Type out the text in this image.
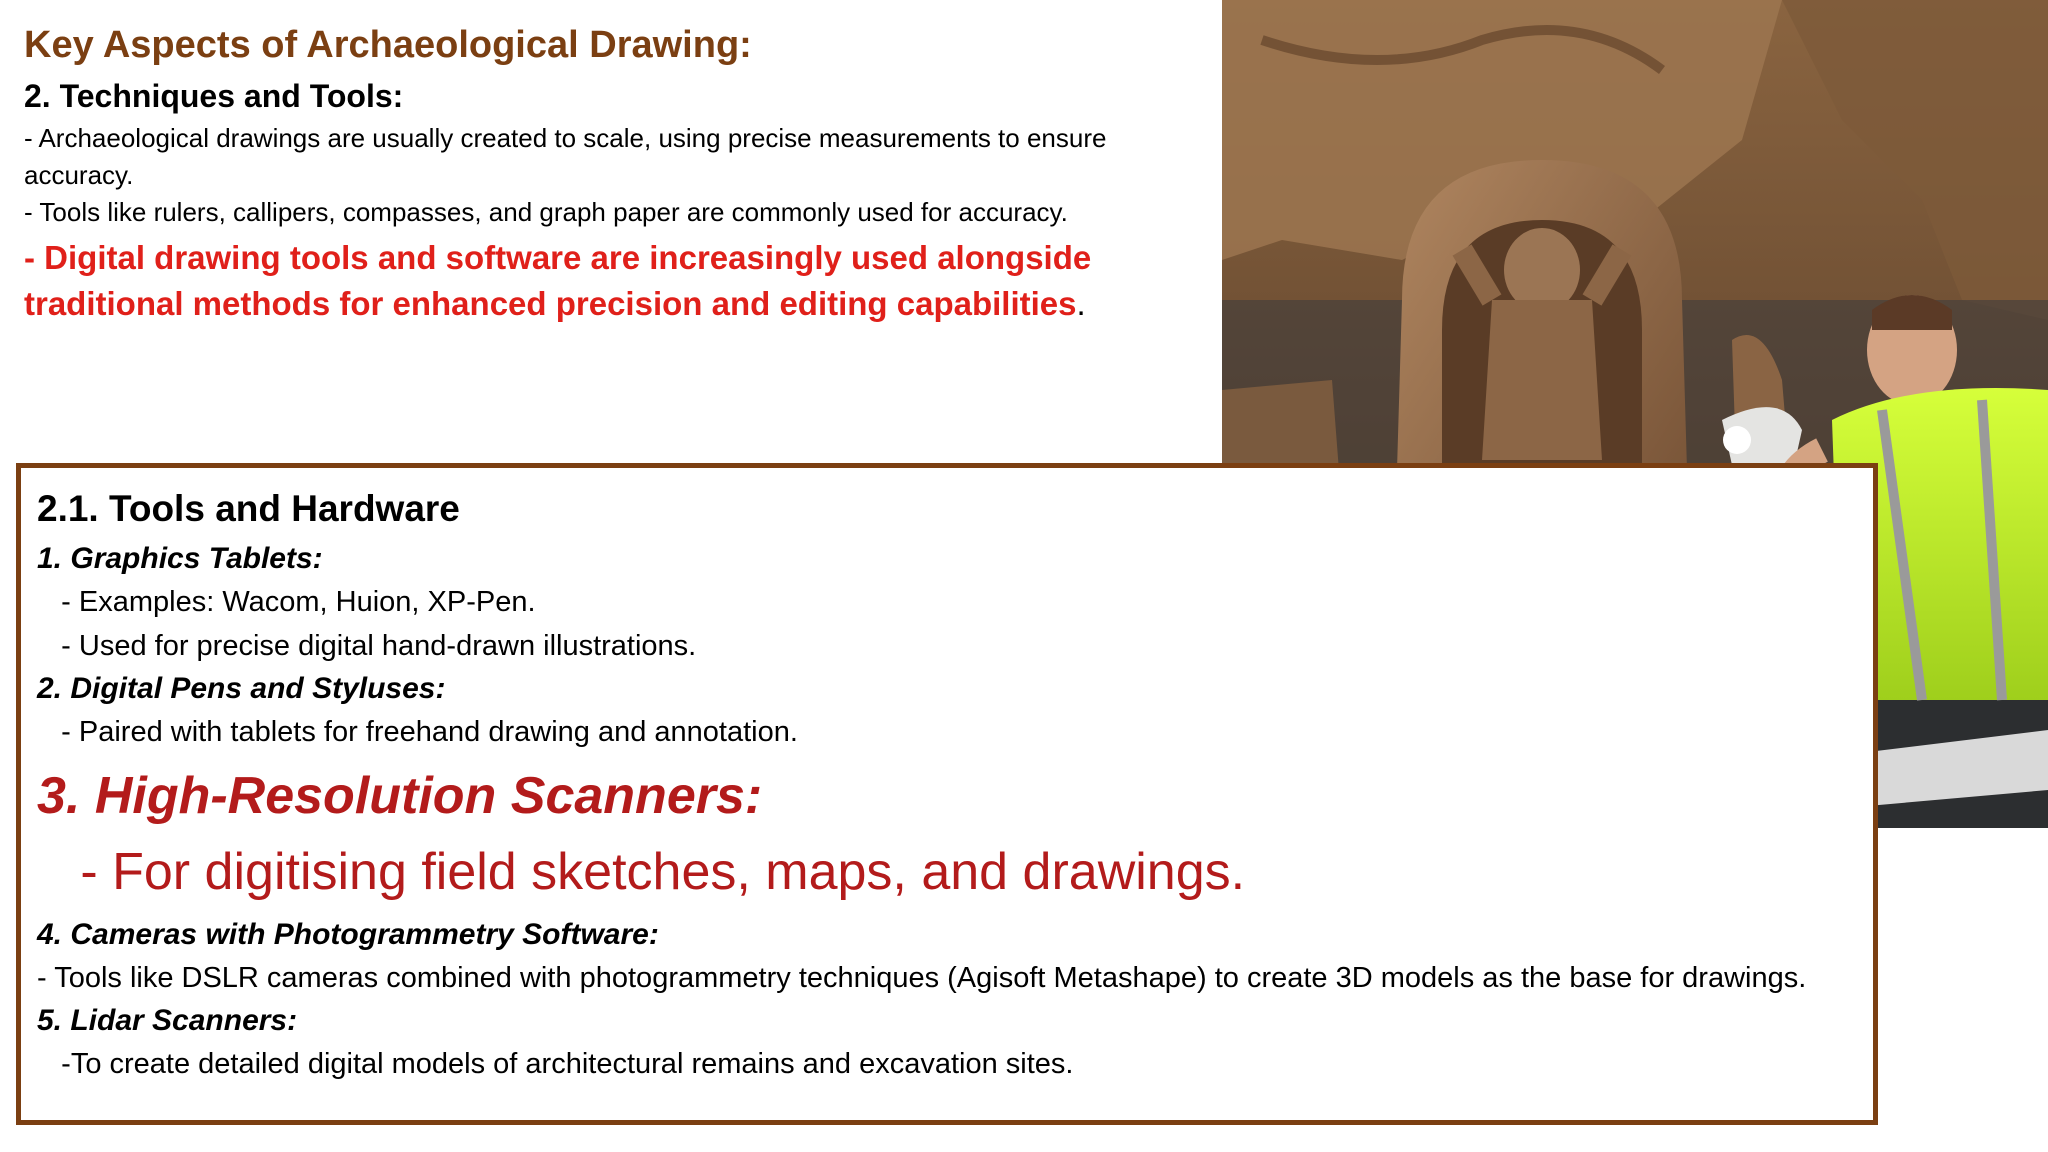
Key Aspects of Archaeological Drawing:
2. Techniques and Tools:

- Archaeological drawings are usually created to scale, using precise measurements to ensure accuracy.

- Tools like rulers, callipers, compasses, and graph paper are commonly used for accuracy.

- Digital drawing tools and software are increasingly used alongside traditional methods for enhanced precision and editing capabilities.

2.1. Tools and Hardware

1. Graphics Tablets:

- Examples: Wacom, Huion, XP-Pen.

- Used for precise digital hand-drawn illustrations.

2. Digital Pens and Styluses:

- Paired with tablets for freehand drawing and annotation.

3. High-Resolution Scanners:

- For digitising field sketches, maps, and drawings.

4. Cameras with Photogrammetry Software:

- Tools like DSLR cameras combined with photogrammetry techniques (Agisoft Metashape) to create 3D models as the base for drawings.

5. Lidar Scanners:

-To create detailed digital models of architectural remains and excavation sites.
